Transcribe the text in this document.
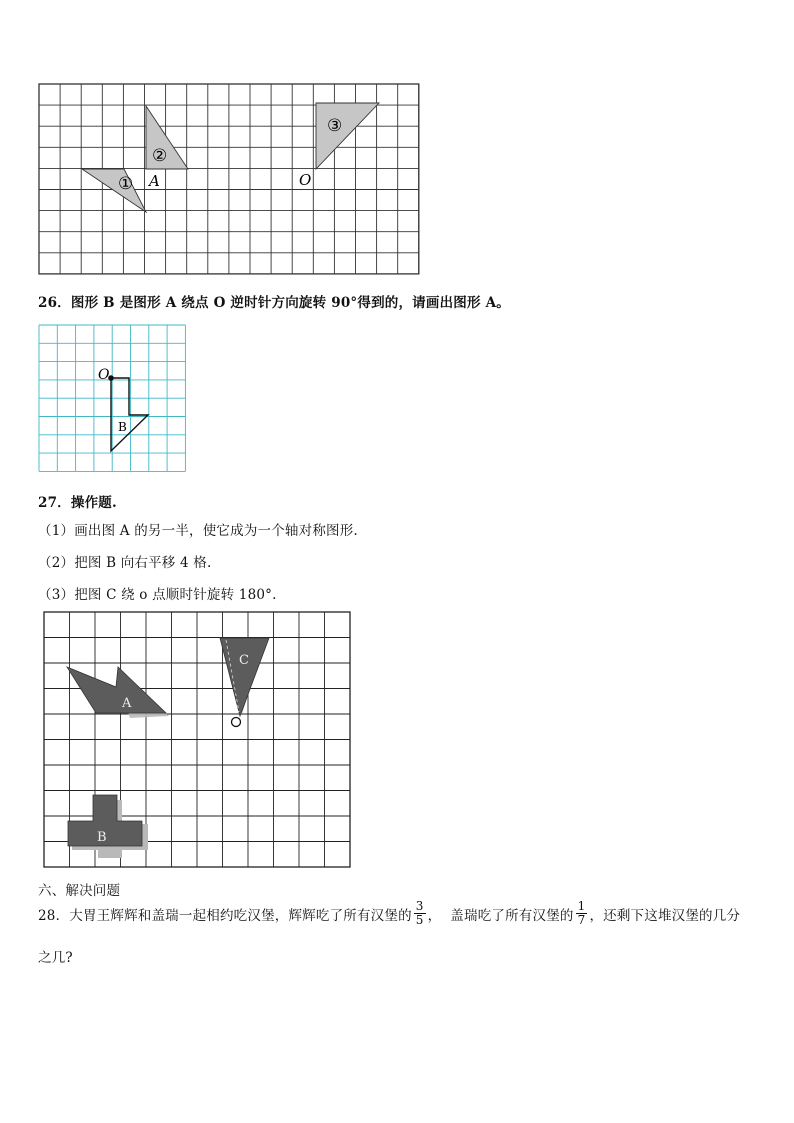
①
②
③
A	O
26．图形 B 是图形 A 绕点 O 逆时针方向旋转 90°得到的，请画出图形 A。
O
B
27．操作题.
（1）画出图 A 的另一半，使它成为一个轴对称图形.
（2）把图 B 向右平移 4 格.
（3）把图 C 绕 o 点顺时针旋转 180°.
A
C
B
六、解决问题
28．大胃王辉辉和盖瑞一起相约吃汉堡，辉辉吃了所有汉堡的 $\frac{3}{5}$ ，  盖瑞吃了所有汉堡的 $\frac{1}{7}$ ，还剩下这堆汉堡的几分
之几?
